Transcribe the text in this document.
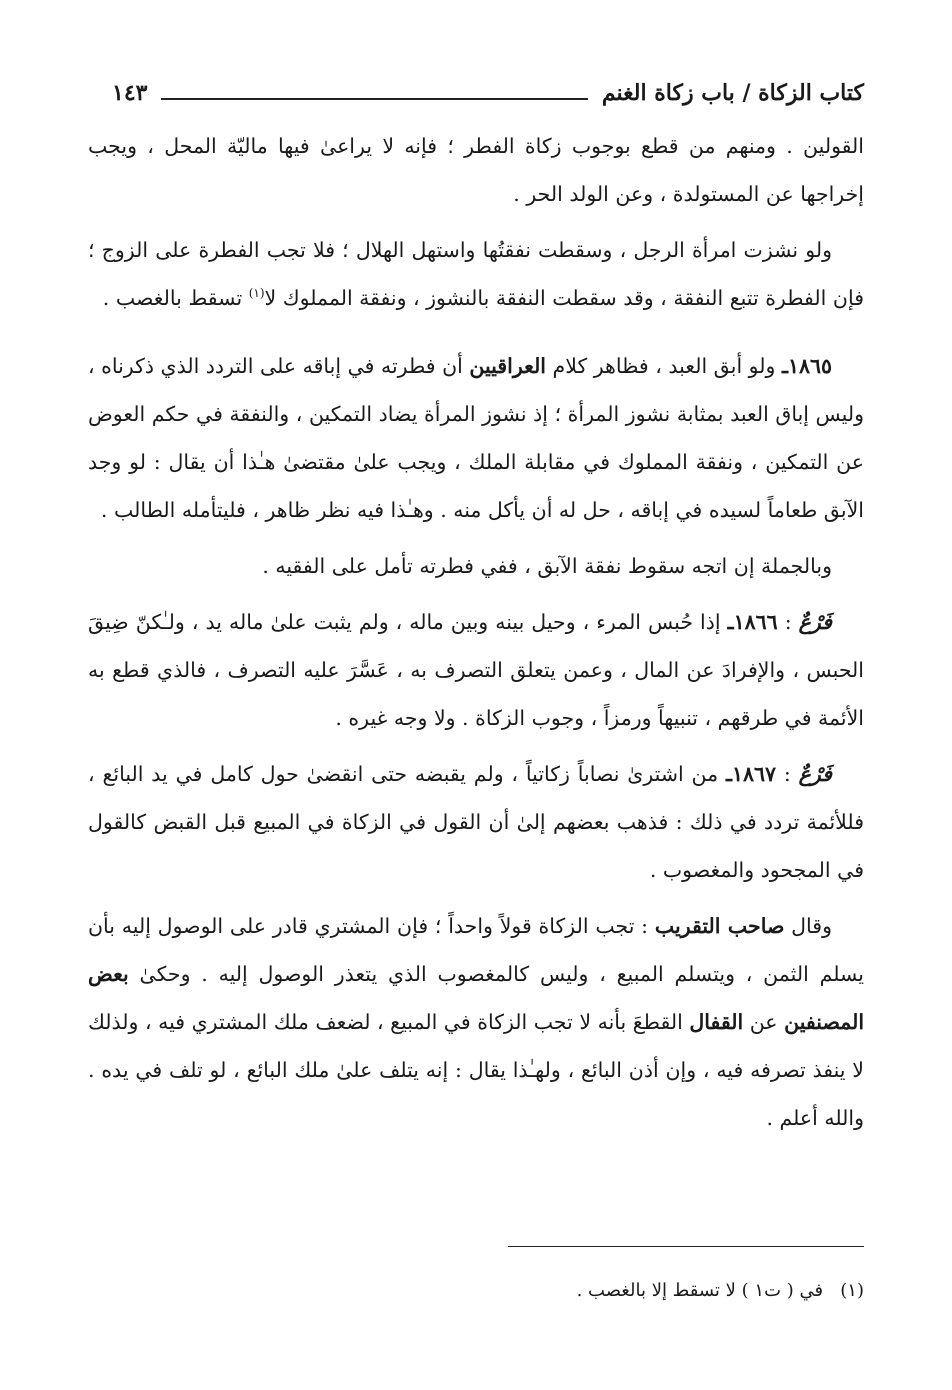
كتاب الزكاة / باب زكاة الغنم
١٤٣

القولين . ومنهم من قطع بوجوب زكاة الفطر ؛ فإنه لا يراعىٰ فيها ماليّة المحل ، ويجب إخراجها عن المستولدة ، وعن الولد الحر .

ولو نشزت امرأة الرجل ، وسقطت نفقتُها واستهل الهلال ؛ فلا تجب الفطرة على الزوج ؛ فإن الفطرة تتبع النفقة ، وقد سقطت النفقة بالنشوز ، ونفقة المملوك لا$^{(١)}$ تسقط بالغصب .

١٨٦٥ـ ولو أبق العبد ، فظاهر كلام العراقيين أن فطرته في إباقه على التردد الذي ذكرناه ، وليس إباق العبد بمثابة نشوز المرأة ؛ إذ نشوز المرأة يضاد التمكين ، والنفقة في حكم العوض عن التمكين ، ونفقة المملوك في مقابلة الملك ، ويجب علىٰ مقتضىٰ هـٰذا أن يقال : لو وجد الآبق طعاماً لسيده في إباقه ، حل له أن يأكل منه . وهـٰذا فيه نظر ظاهر ، فليتأمله الطالب .

وبالجملة إن اتجه سقوط نفقة الآبق ، ففي فطرته تأمل على الفقيه .

فَرْعٌ : ١٨٦٦ـ إذا حُبس المرء ، وحيل بينه وبين ماله ، ولم يثبت علىٰ ماله يد ، ولـٰكنّ ضِيقَ الحبس ، والإفرادَ عن المال ، وعمن يتعلق التصرف به ، عَسَّرَ عليه التصرف ، فالذي قطع به الأئمة في طرقهم ، تنبيهاً ورمزاً ، وجوب الزكاة . ولا وجه غيره .

فَرْعٌ : ١٨٦٧ـ من اشترىٰ نصاباً زكاتياً ، ولم يقبضه حتى انقضىٰ حول كامل في يد البائع ، فللأئمة تردد في ذلك : فذهب بعضهم إلىٰ أن القول في الزكاة في المبيع قبل القبض كالقول في المجحود والمغصوب .

وقال صاحب التقريب : تجب الزكاة قولاً واحداً ؛ فإن المشتري قادر على الوصول إليه بأن يسلم الثمن ، ويتسلم المبيع ، وليس كالمغصوب الذي يتعذر الوصول إليه . وحكىٰ بعض المصنفين عن القفال القطعَ بأنه لا تجب الزكاة في المبيع ، لضعف ملك المشتري فيه ، ولذلك لا ينفذ تصرفه فيه ، وإن أذن البائع ، ولهـٰذا يقال : إنه يتلف علىٰ ملك البائع ، لو تلف في يده . والله أعلم .

(١)   في ( ت١ ) لا تسقط إلا بالغصب .
